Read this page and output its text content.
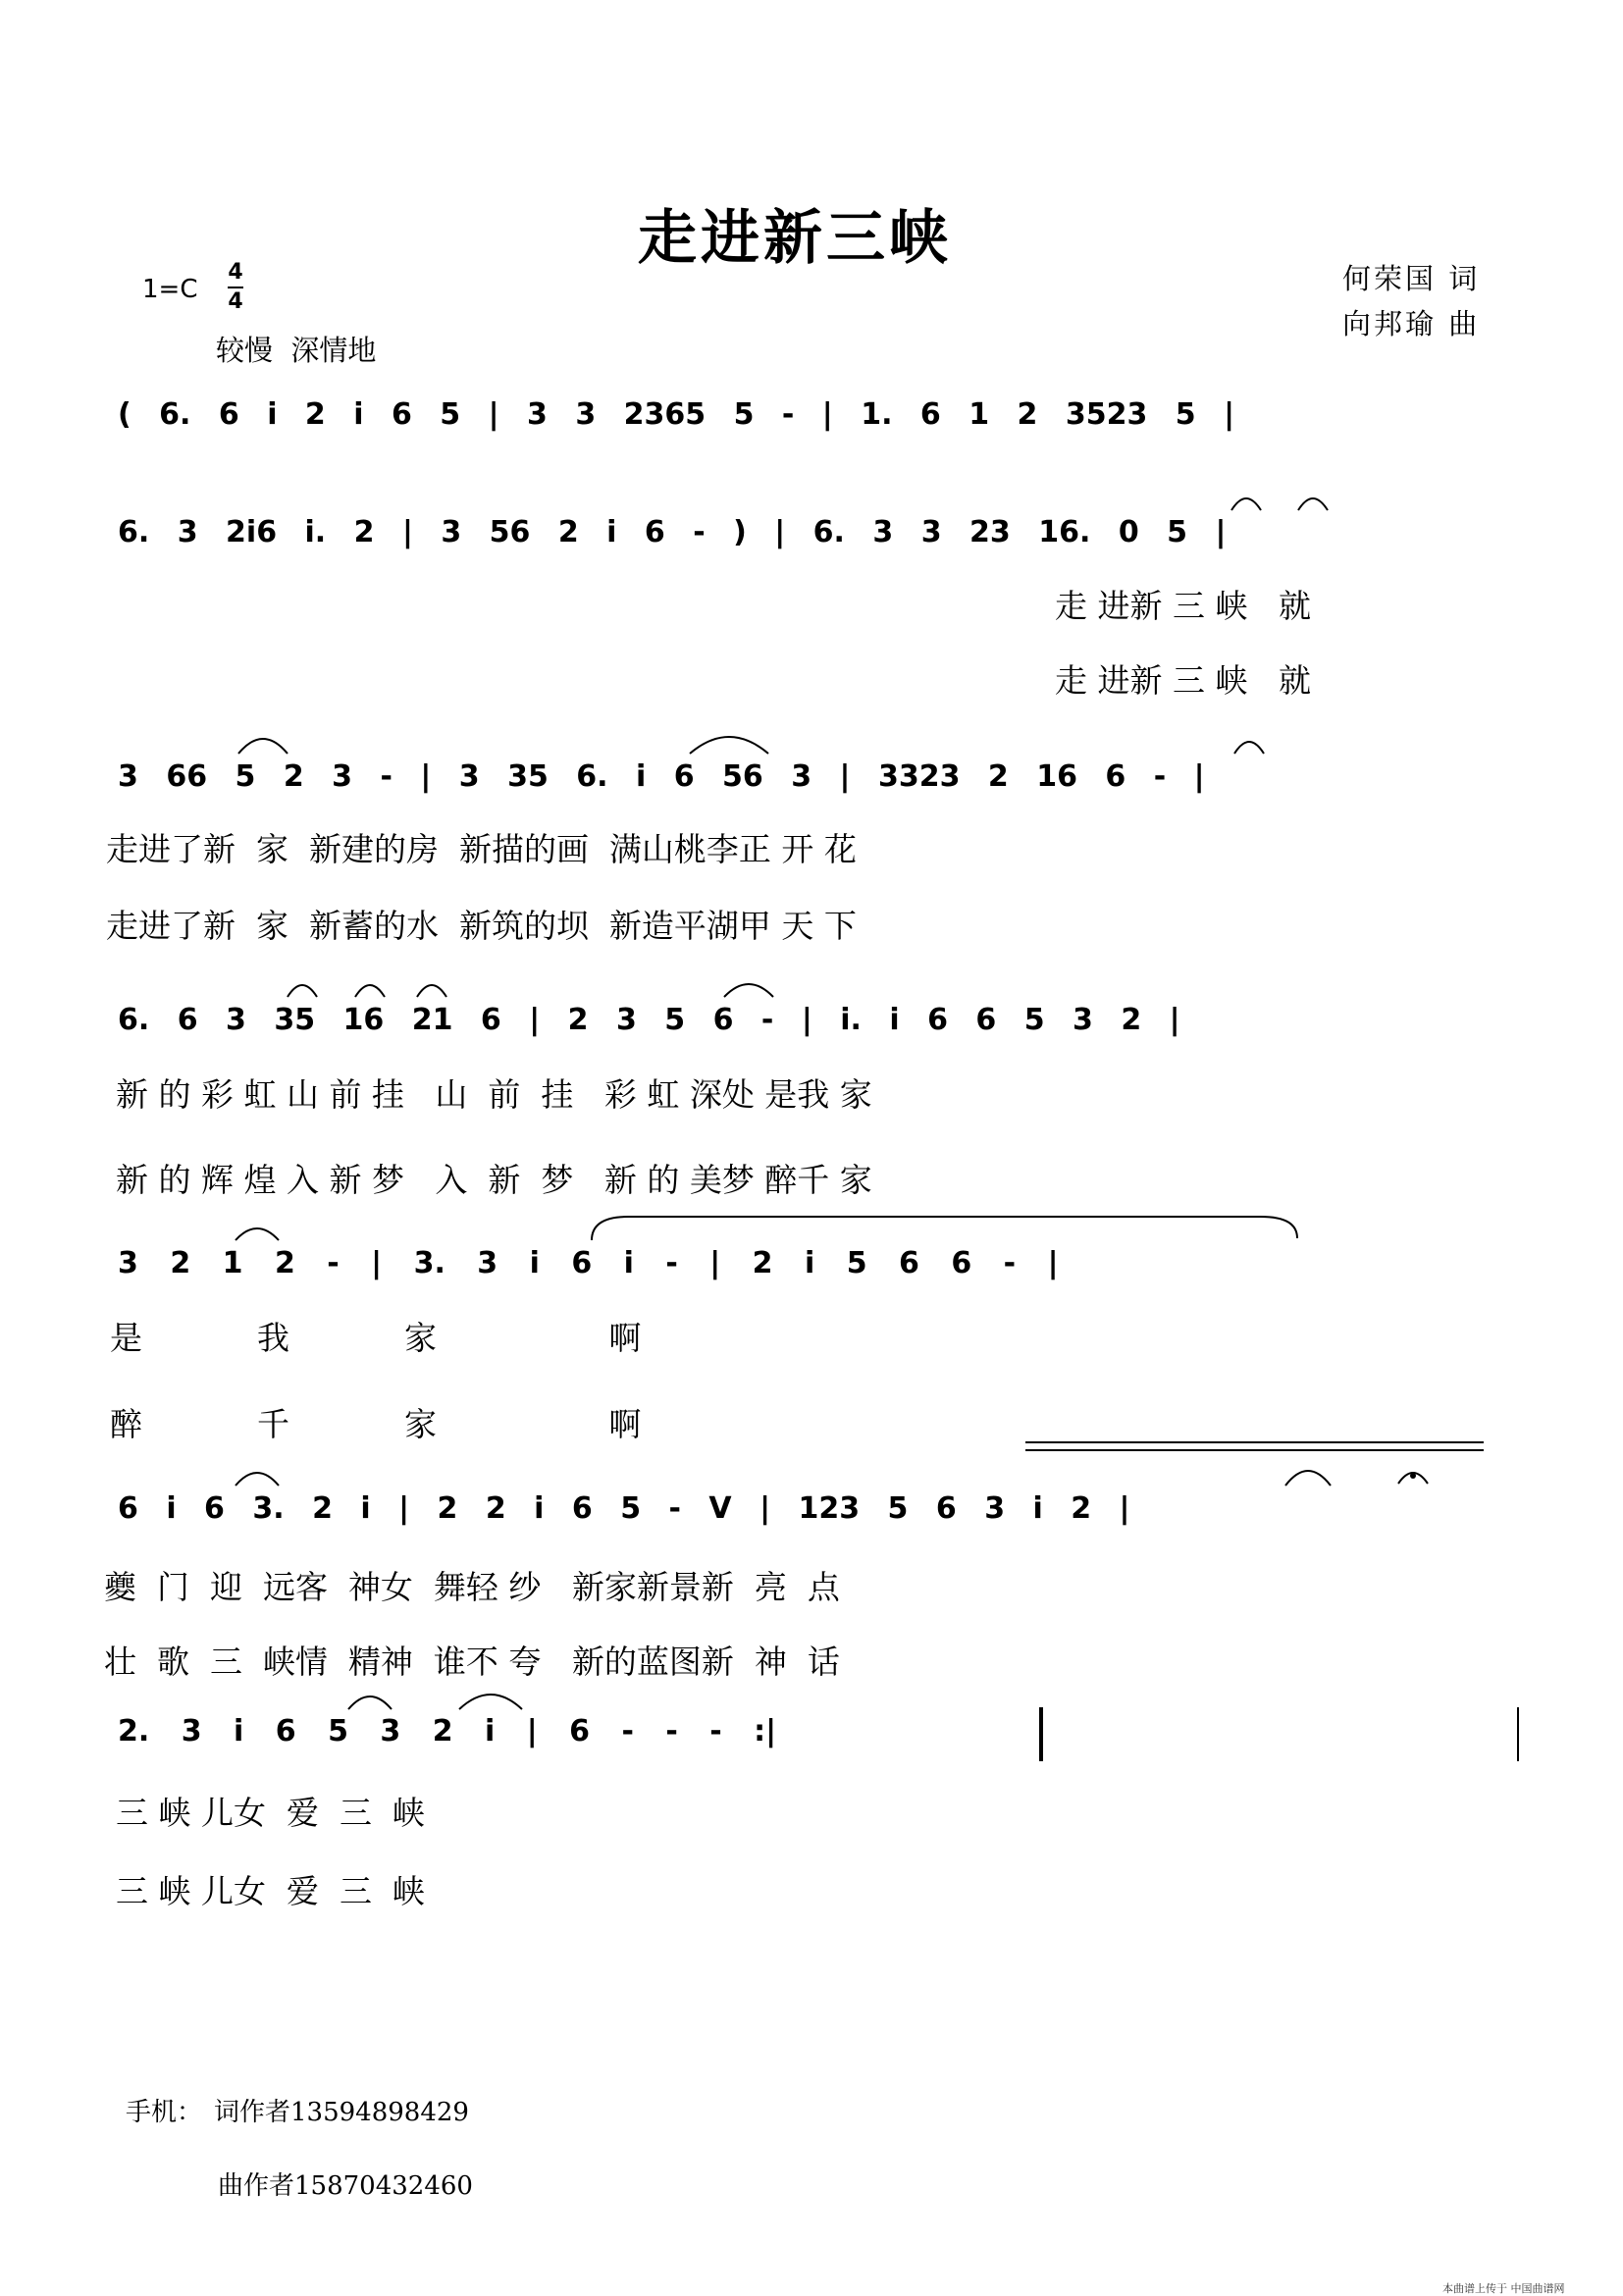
走进新三峡
1=C
4
4
较慢  深情地
何荣国 词
向邦瑜 曲
( 6. 6 i 2 i 6 5 | 3 3 2365 5 - | 1. 6 1 2 3523 5 |
6. 3 2i6 i. 2 | 3 56 2 i 6 - ) | 6. 3 3 23 16. 0 5 |
3 66 5 2 3 - | 3 35 6. i 6 56 3 | 3323 2 16 6 - |
6. 6 3 35 16 21 6 | 2 3 5 6 - | i. i 6 6 5 3 2 |
3 2 1 2 - | 3. 3 i 6 i - | 2 i 5 6 6 - |
6 i 6 3. 2 i | 2 2 i 6 5 - V | 123 5 6 3 i 2 |
2. 3 i 6 5 3 2 i | 6 - - - :|
走 进新 三 峡   就
走 进新 三 峡   就
走进了新  家  新建的房  新描的画  满山桃李正 开 花
走进了新  家  新蓄的水  新筑的坝  新造平湖甲 天 下
新 的 彩 虹 山 前 挂   山  前  挂   彩 虹 深处 是我 家
新 的 辉 煌 入 新 梦   入  新  梦   新 的 美梦 醉千 家
是  我  家   啊
醉  千  家   啊
夔  门  迎  远客  神女  舞轻 纱   新家新景新  亮  点
壮  歌  三  峡情  精神  谁不 夸   新的蓝图新  神  话
三 峡 儿女  爱  三  峡
三 峡 儿女  爱  三  峡
手机： 词作者13594898429
曲作者15870432460
本曲谱上传于 中国曲谱网
